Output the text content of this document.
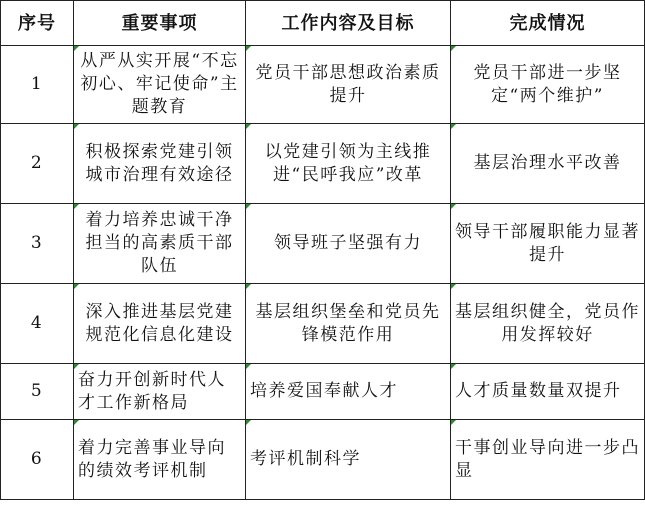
序号	重要事项	工作内容及目标	完成情况
1	从严从实开展“不忘初心、牢记使命”主题教育	党员干部思想政治素质提升	党员干部进一步坚定“两个维护”
2	积极探索党建引领城市治理有效途径	以党建引领为主线推进“民呼我应”改革	基层治理水平改善
3	着力培养忠诚干净担当的高素质干部队伍	领导班子坚强有力	领导干部履职能力显著提升
4	深入推进基层党建规范化信息化建设	基层组织堡垒和党员先锋模范作用	基层组织健全，党员作用发挥较好
5	奋力开创新时代人才工作新格局	培养爱国奉献人才	人才质量数量双提升
6	着力完善事业导向的绩效考评机制	考评机制科学	干事创业导向进一步凸显
